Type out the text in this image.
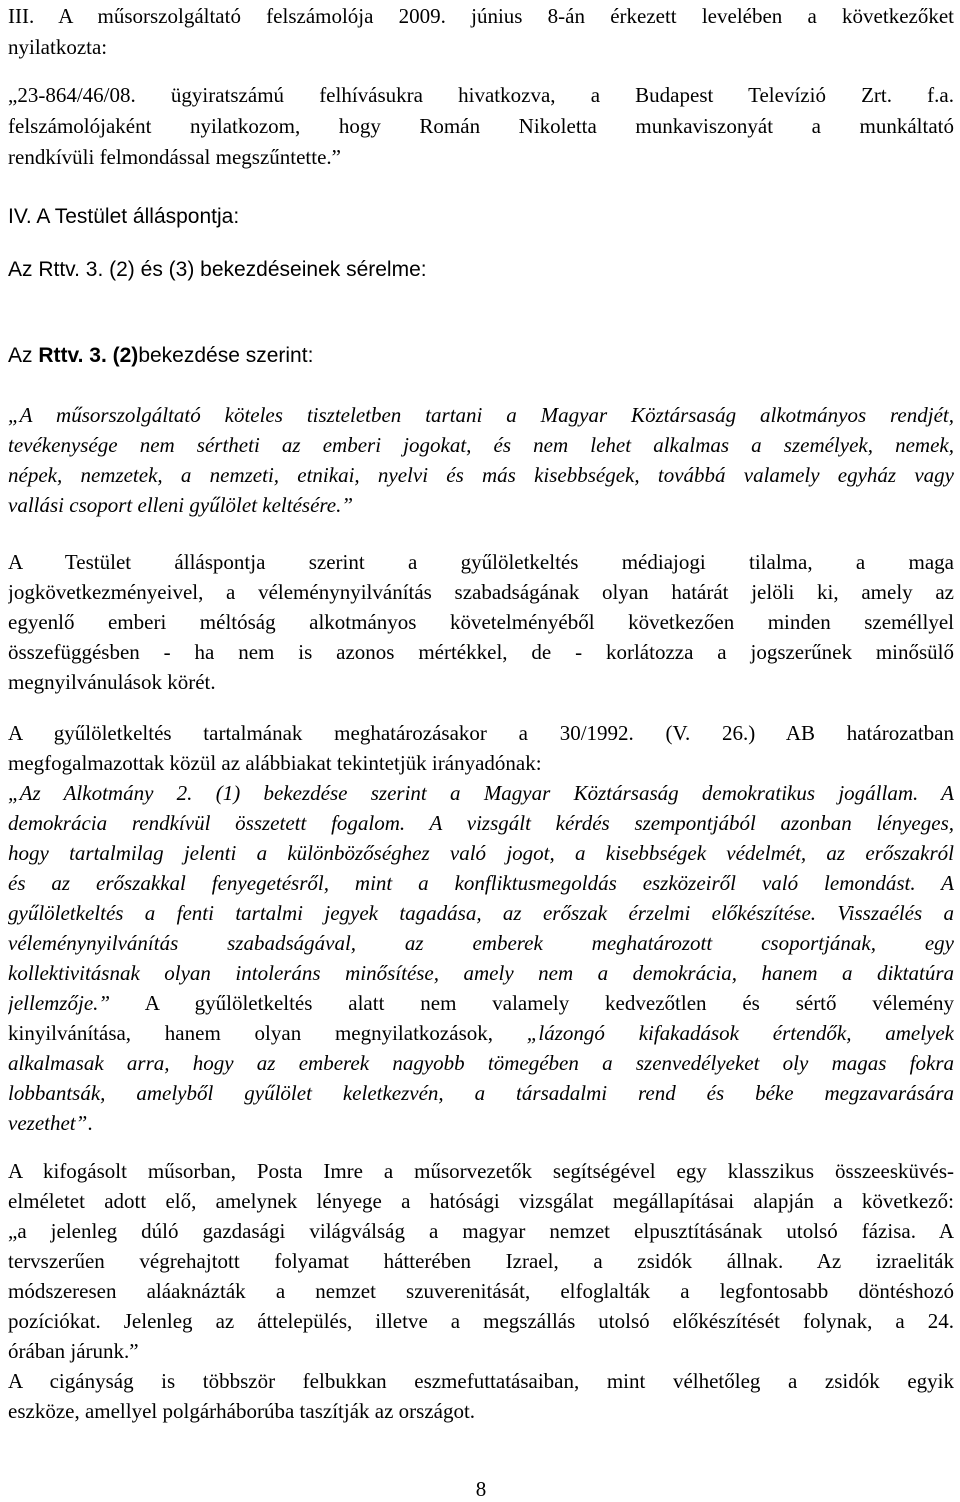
III. A műsorszolgáltató felszámolója 2009. június 8-án érkezett levelében a következőket
nyilatkozta:
„23-864/46/08. ügyiratszámú felhívásukra hivatkozva, a Budapest Televízió Zrt. f.a.
felszámolójaként nyilatkozom, hogy Román Nikoletta munkaviszonyát a munkáltató
rendkívüli felmondással megszűntette.”
IV. A Testület álláspontja:
Az Rttv. 3. (2) és (3) bekezdéseinek sérelme:
Az Rttv. 3. (2)bekezdése szerint:
„A műsorszolgáltató köteles tiszteletben tartani a Magyar Köztársaság alkotmányos rendjét,
tevékenysége nem sértheti az emberi jogokat, és nem lehet alkalmas a személyek, nemek,
népek, nemzetek, a nemzeti, etnikai, nyelvi és más kisebbségek, továbbá valamely egyház vagy
vallási csoport elleni gyűlölet keltésére.”
A Testület álláspontja szerint a gyűlöletkeltés médiajogi tilalma, a maga
jogkövetkezményeivel, a véleménynyilvánítás szabadságának olyan határát jelöli ki, amely az
egyenlő emberi méltóság alkotmányos követelményéből következően minden személlyel
összefüggésben - ha nem is azonos mértékkel, de - korlátozza a jogszerűnek minősülő
megnyilvánulások körét.
A gyűlöletkeltés tartalmának meghatározásakor a 30/1992. (V. 26.) AB határozatban
megfogalmazottak közül az alábbiakat tekintetjük irányadónak:
„Az Alkotmány 2. (1) bekezdése szerint a Magyar Köztársaság demokratikus jogállam. A
demokrácia rendkívül összetett fogalom. A vizsgált kérdés szempontjából azonban lényeges,
hogy tartalmilag jelenti a különbözőséghez való jogot, a kisebbségek védelmét, az erőszakról
és az erőszakkal fenyegetésről, mint a konfliktusmegoldás eszközeiről való lemondást. A
gyűlöletkeltés a fenti tartalmi jegyek tagadása, az erőszak érzelmi előkészítése. Visszaélés a
véleménynyilvánítás szabadságával, az emberek meghatározott csoportjának, egy
kollektivitásnak olyan intoleráns minősítése, amely nem a demokrácia, hanem a diktatúra
jellemzője.” A gyűlöletkeltés alatt nem valamely kedvezőtlen és sértő vélemény
kinyilvánítása, hanem olyan megnyilatkozások, „lázongó kifakadások értendők, amelyek
alkalmasak arra, hogy az emberek nagyobb tömegében a szenvedélyeket oly magas fokra
lobbantsák, amelyből gyűlölet keletkezvén, a társadalmi rend és béke megzavarására
vezethet”.
A kifogásolt műsorban, Posta Imre a műsorvezetők segítségével egy klasszikus összeesküvés-
elméletet adott elő, amelynek lényege a hatósági vizsgálat megállapításai alapján a következő:
„a jelenleg dúló gazdasági világválság a magyar nemzet elpusztításának utolsó fázisa. A
tervszerűen végrehajtott folyamat hátterében Izrael, a zsidók állnak. Az izraeliták
módszeresen aláaknázták a nemzet szuverenitását, elfoglalták a legfontosabb döntéshozó
pozíciókat. Jelenleg az áttelepülés, illetve a megszállás utolsó előkészítését folynak, a 24.
órában járunk.”
A cigányság is többször felbukkan eszmefuttatásaiban, mint vélhetőleg a zsidók egyik
eszköze, amellyel polgárháborúba taszítják az országot.
8
